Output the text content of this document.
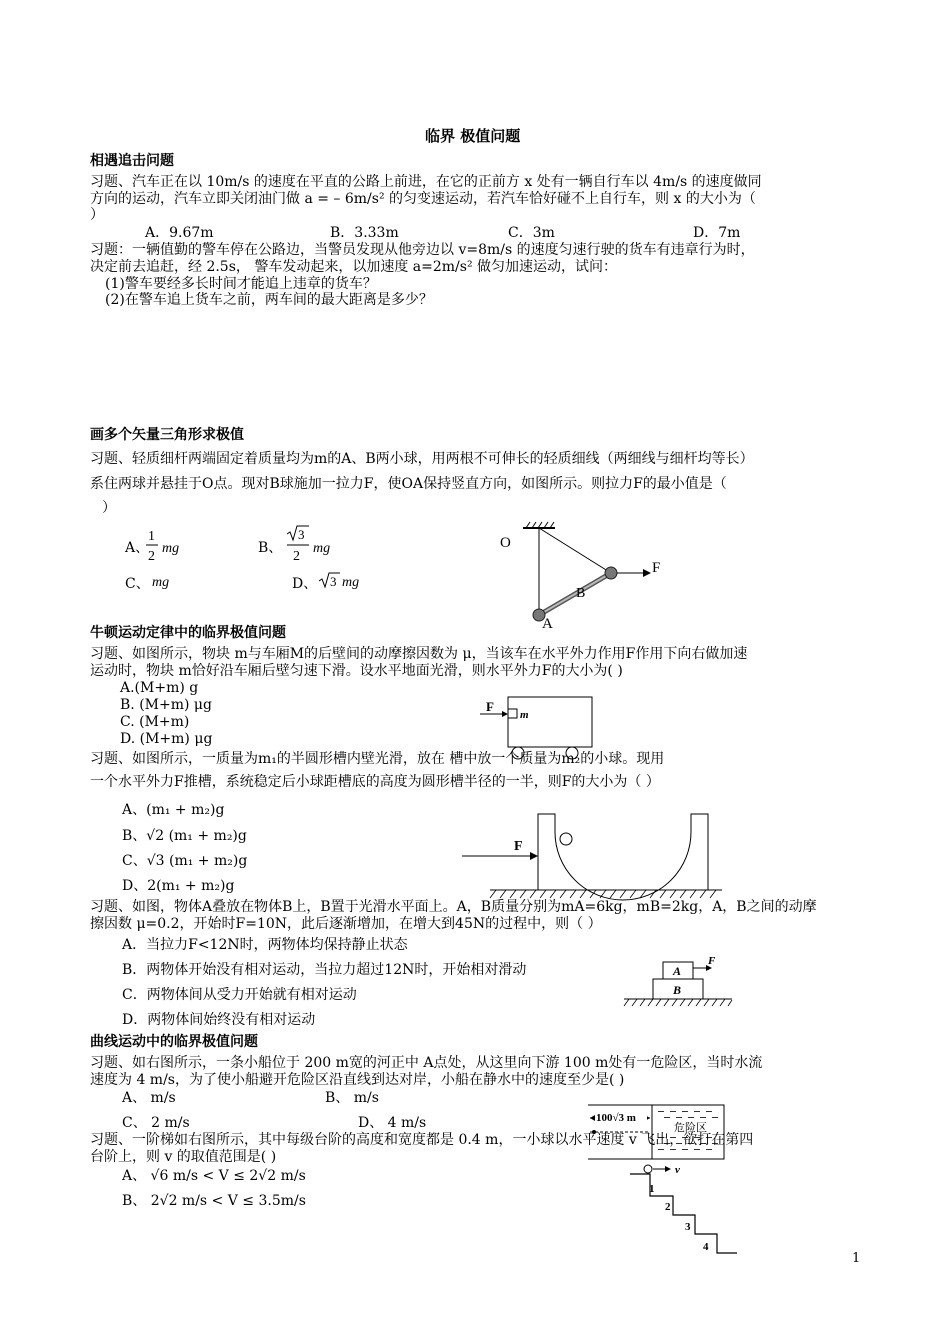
临界 极值问题
相遇追击问题
习题、汽车正在以 10m/s 的速度在平直的公路上前进，在它的正前方 x 处有一辆自行车以 4m/s 的速度做同
方向的运动，汽车立即关闭油门做 a = – 6m/s² 的匀变速运动，若汽车恰好碰不上自行车，则 x 的大小为（
）
A．9.67m	B．3.33m	C．3m	D．7m
习题：一辆值勤的警车停在公路边，当警员发现从他旁边以 v=8m/s 的速度匀速行驶的货车有违章行为时，
决定前去追赶，经 2.5s， 警车发动起来，以加速度 a=2m/s² 做匀加速运动，试问：
(1)警车要经多长时间才能追上违章的货车？
(2)在警车追上货车之前，两车间的最大距离是多少？
画多个矢量三角形求极值
习题、轻质细杆两端固定着质量均为m的A、B两小球，用两根不可伸长的轻质细线（两细线与细杆均等长）
系住两球并悬挂于O点。现对B球施加一拉力F，使OA保持竖直方向，如图所示。则拉力F的最小值是（
）
A、
1
2
mg	B、
3
2
mg
C、 mg	D、 3 mg
O
A
B
F
牛顿运动定律中的临界极值问题
习题、如图所示，物块 m与车厢M的后壁间的动摩擦因数为 μ，当该车在水平外力作用F作用下向右做加速
运动时，物块 m恰好沿车厢后壁匀速下滑。设水平地面光滑，则水平外力F的大小为( )
A.(M+m) g
B. (M+m) μg
C. (M+m)
D. (M+m) μg
F
m
习题、如图所示，一质量为m₁的半圆形槽内壁光滑，放在 槽中放一个质量为m₂的小球。现用
一个水平外力F推槽，系统稳定后小球距槽底的高度为圆形槽半径的一半，则F的大小为（ ）
A、(m₁ + m₂)g
B、√2 (m₁ + m₂)g
C、√3 (m₁ + m₂)g
D、2(m₁ + m₂)g
F
习题、如图，物体A叠放在物体B上，B置于光滑水平面上。A，B质量分别为mA=6kg，mB=2kg，A，B之间的动摩
擦因数 μ=0.2，开始时F=10N，此后逐渐增加，在增大到45N的过程中，则（ ）
A．当拉力F<12N时，两物体均保持静止状态
B．两物体开始没有相对运动，当拉力超过12N时，开始相对滑动
C．两物体间从受力开始就有相对运动
D．两物体间始终没有相对运动
A
B
F
曲线运动中的临界极值问题
习题、如右图所示，一条小船位于 200 m宽的河正中 A点处，从这里向下游 100 m处有一危险区，当时水流
速度为 4 m/s，为了使小船避开危险区沿直线到达对岸，小船在静水中的速度至少是( )
A、 m/s	B、 m/s
C、 2 m/s	D、 4 m/s	100√3 m
危险区
习题、一阶梯如右图所示，其中每级台阶的高度和宽度都是 0.4 m，一小球以水平速度 v 飞出，欲打在第四
台阶上，则 v 的取值范围是( )
A、 √6 m/s < V ≤ 2√2 m/s
B、 2√2 m/s < V ≤ 3.5m/s
v
1
2
3
4
1
